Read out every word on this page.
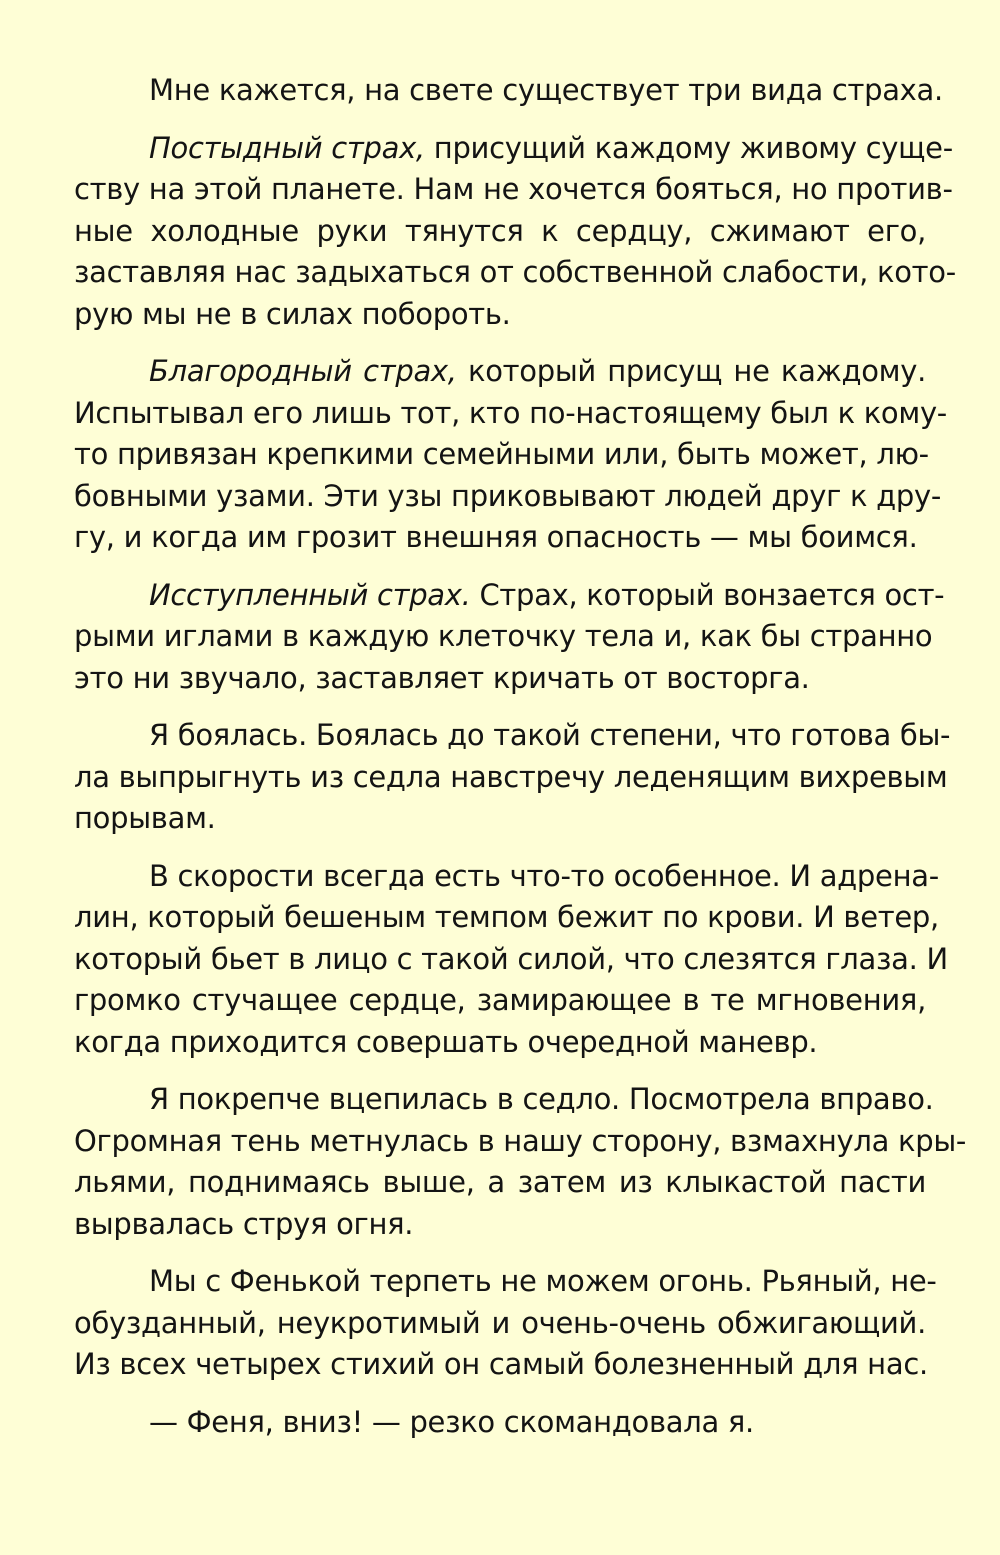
Мне кажется, на свете существует три вида страха.
Постыдный страх, присущий каждому живому суще-
ству на этой планете. Нам не хочется бояться, но против-
ные холодные руки тянутся к сердцу, сжимают его,
заставляя нас задыхаться от собственной слабости, кото-
рую мы не в силах побороть.
Благородный страх, который присущ не каждому.
Испытывал его лишь тот, кто по-настоящему был к кому-
то привязан крепкими семейными или, быть может, лю-
бовными узами. Эти узы приковывают людей друг к дру-
гу, и когда им грозит внешняя опасность — мы боимся.
Исступленный страх. Страх, который вонзается ост-
рыми иглами в каждую клеточку тела и, как бы странно
это ни звучало, заставляет кричать от восторга.
Я боялась. Боялась до такой степени, что готова бы-
ла выпрыгнуть из седла навстречу леденящим вихревым
порывам.
В скорости всегда есть что-то особенное. И адрена-
лин, который бешеным темпом бежит по крови. И ветер,
который бьет в лицо с такой силой, что слезятся глаза. И
громко стучащее сердце, замирающее в те мгновения,
когда приходится совершать очередной маневр.
Я покрепче вцепилась в седло. Посмотрела вправо.
Огромная тень метнулась в нашу сторону, взмахнула кры-
льями, поднимаясь выше, а затем из клыкастой пасти
вырвалась струя огня.
Мы с Фенькой терпеть не можем огонь. Рьяный, не-
обузданный, неукротимый и очень-очень обжигающий.
Из всех четырех стихий он самый болезненный для нас.
— Феня, вниз! — резко скомандовала я.
